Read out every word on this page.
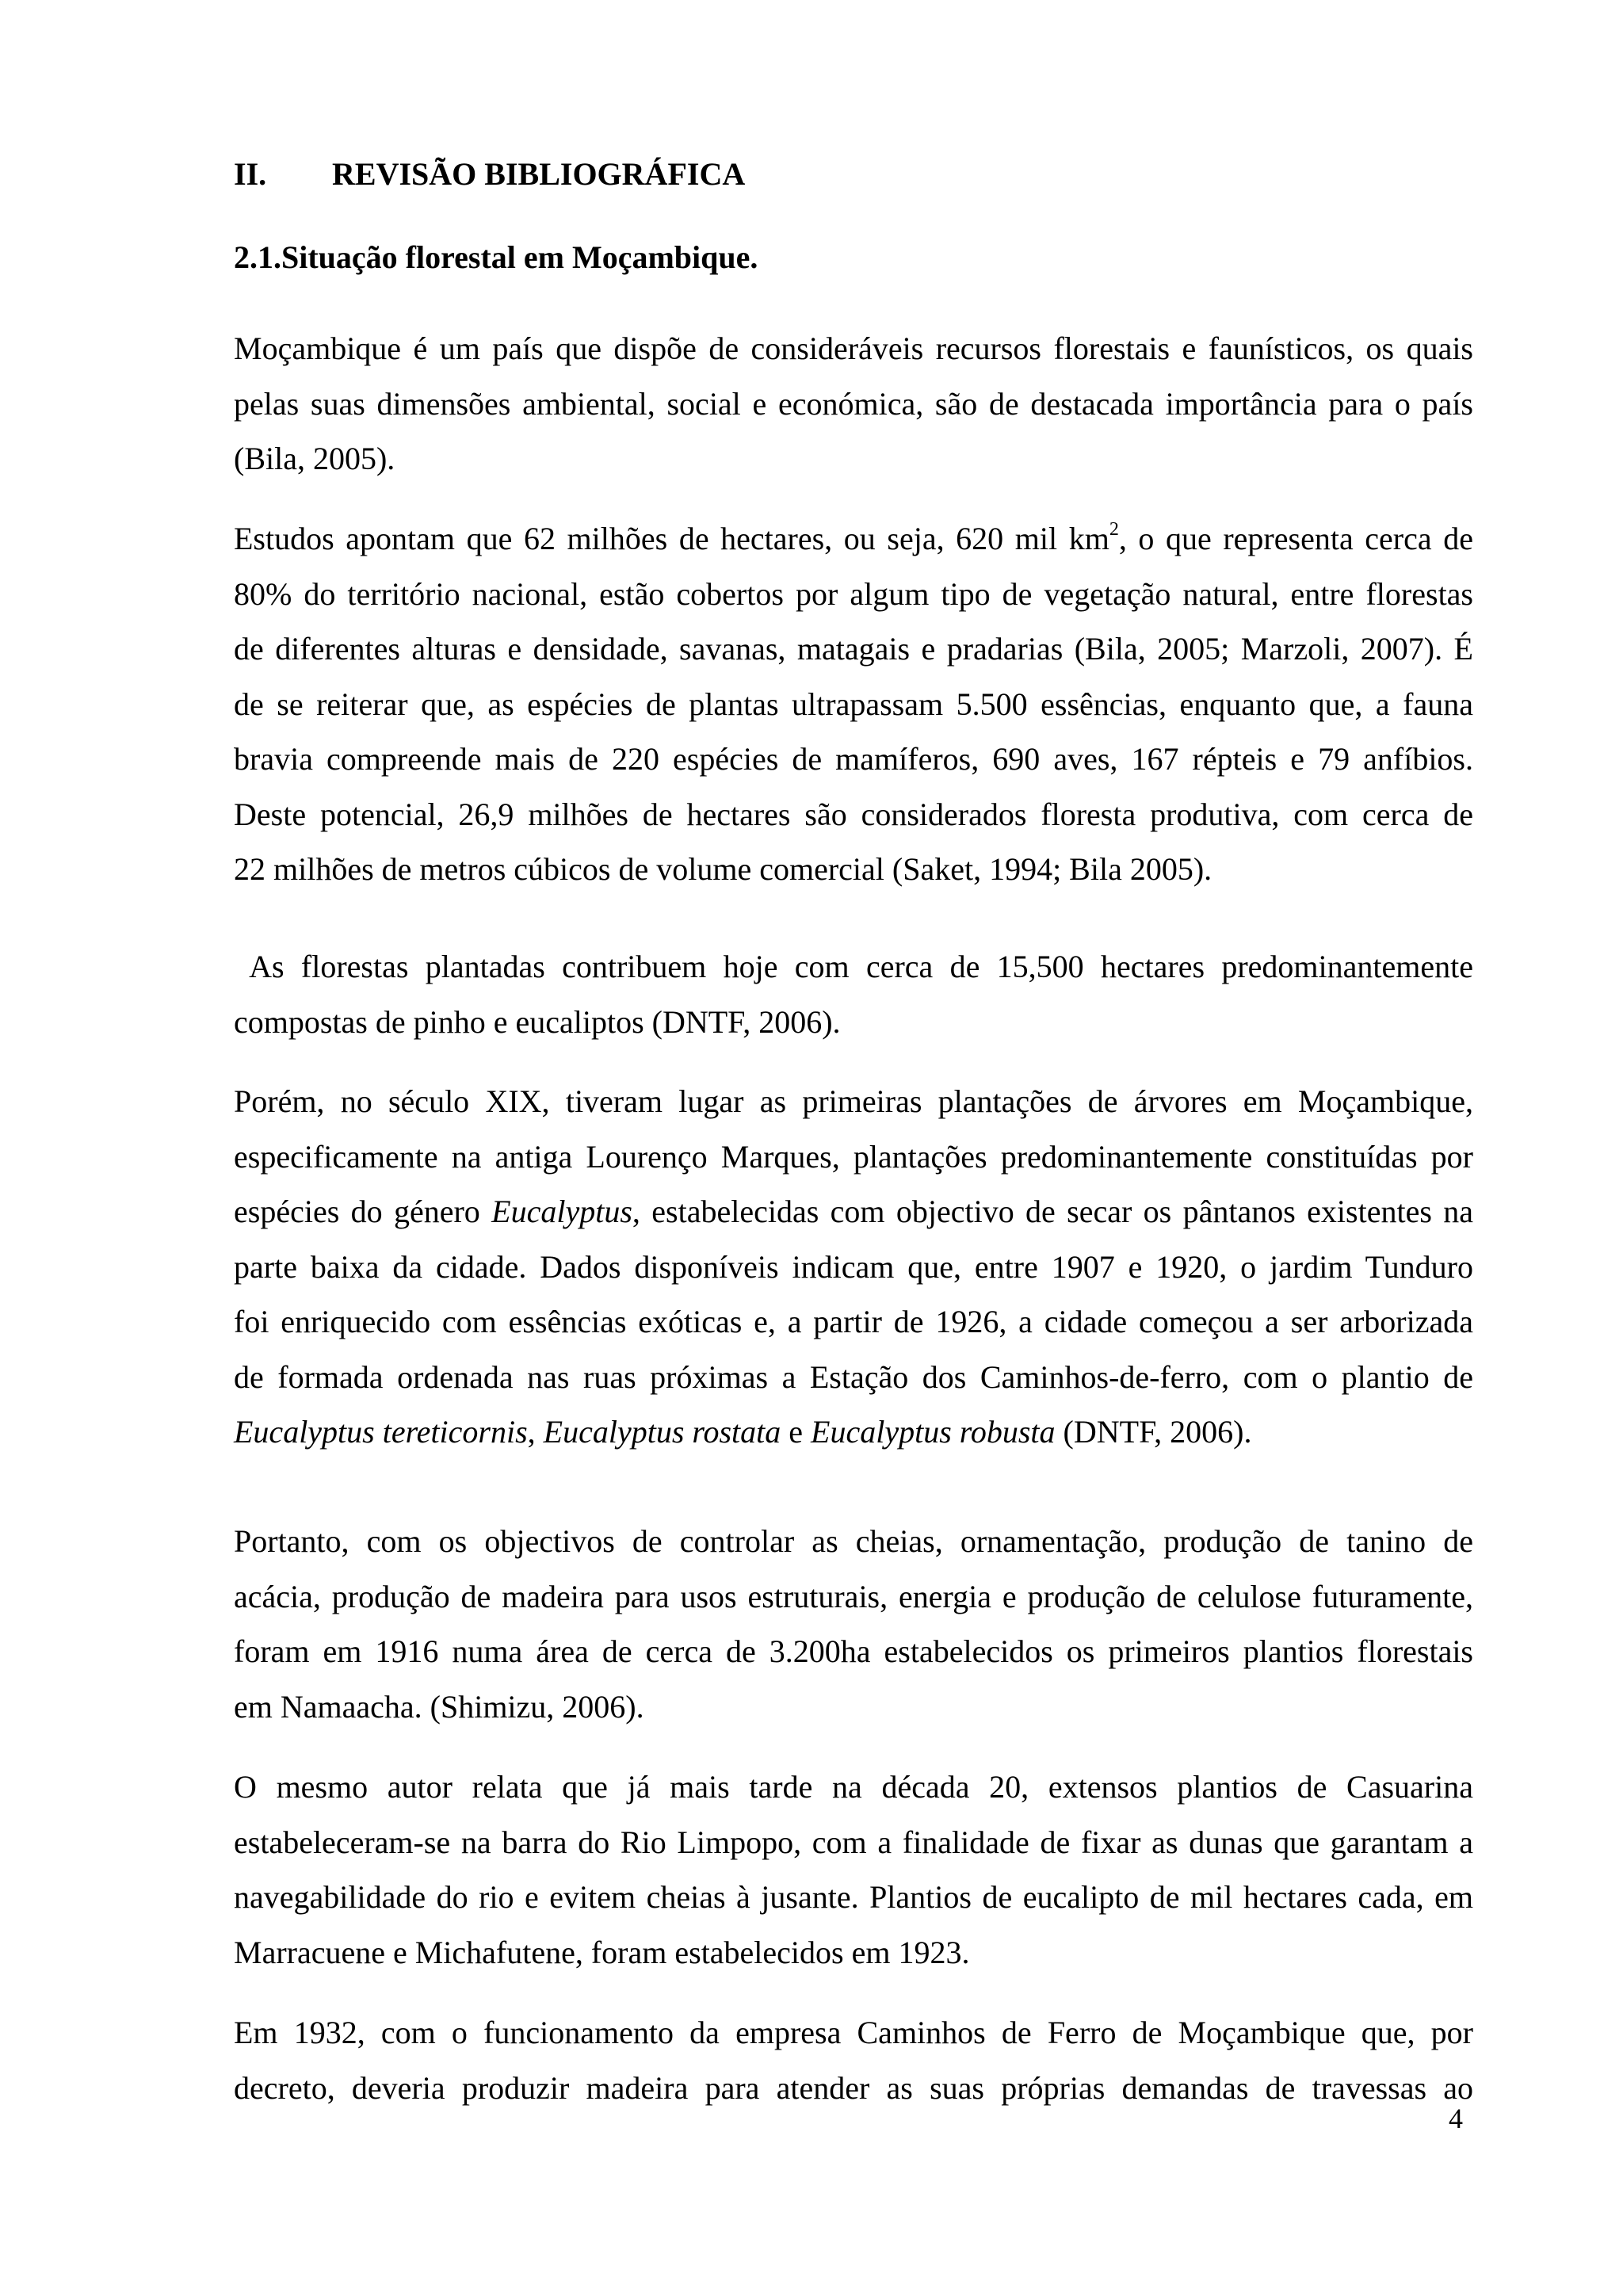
II. REVISÃO BIBLIOGRÁFICA
2.1.Situação florestal em Moçambique.
Moçambique é um país que dispõe de consideráveis recursos florestais e faunísticos, os quais
pelas suas dimensões ambiental, social e económica, são de destacada importância para o país
(Bila, 2005).
Estudos apontam que 62 milhões de hectares, ou seja, 620 mil $km^2$, o que representa cerca de
80% do território nacional, estão cobertos por algum tipo de vegetação natural, entre florestas
de diferentes alturas e densidade, savanas, matagais e pradarias (Bila, 2005; Marzoli, 2007). É
de se reiterar que, as espécies de plantas ultrapassam 5.500 essências, enquanto que, a fauna
bravia compreende mais de 220 espécies de mamíferos, 690 aves, 167 répteis e 79 anfíbios.
Deste potencial, 26,9 milhões de hectares são considerados floresta produtiva, com cerca de
22 milhões de metros cúbicos de volume comercial (Saket, 1994; Bila 2005).
As florestas plantadas contribuem hoje com cerca de 15,500 hectares predominantemente
compostas de pinho e eucaliptos (DNTF, 2006).
Porém, no século XIX, tiveram lugar as primeiras plantações de árvores em Moçambique,
especificamente na antiga Lourenço Marques, plantações predominantemente constituídas por
espécies do género Eucalyptus, estabelecidas com objectivo de secar os pântanos existentes na
parte baixa da cidade. Dados disponíveis indicam que, entre 1907 e 1920, o jardim Tunduro
foi enriquecido com essências exóticas e, a partir de 1926, a cidade começou a ser arborizada
de formada ordenada nas ruas próximas a Estação dos Caminhos-de-ferro, com o plantio de
Eucalyptus tereticornis, Eucalyptus rostata e Eucalyptus robusta (DNTF, 2006).
Portanto, com os objectivos de controlar as cheias, ornamentação, produção de tanino de
acácia, produção de madeira para usos estruturais, energia e produção de celulose futuramente,
foram em 1916 numa área de cerca de 3.200ha estabelecidos os primeiros plantios florestais
em Namaacha. (Shimizu, 2006).
O mesmo autor relata que já mais tarde na década 20, extensos plantios de Casuarina
estabeleceram-se na barra do Rio Limpopo, com a finalidade de fixar as dunas que garantam a
navegabilidade do rio e evitem cheias à jusante. Plantios de eucalipto de mil hectares cada, em
Marracuene e Michafutene, foram estabelecidos em 1923.
Em 1932, com o funcionamento da empresa Caminhos de Ferro de Moçambique que, por
decreto, deveria produzir madeira para atender as suas próprias demandas de travessas ao
4
